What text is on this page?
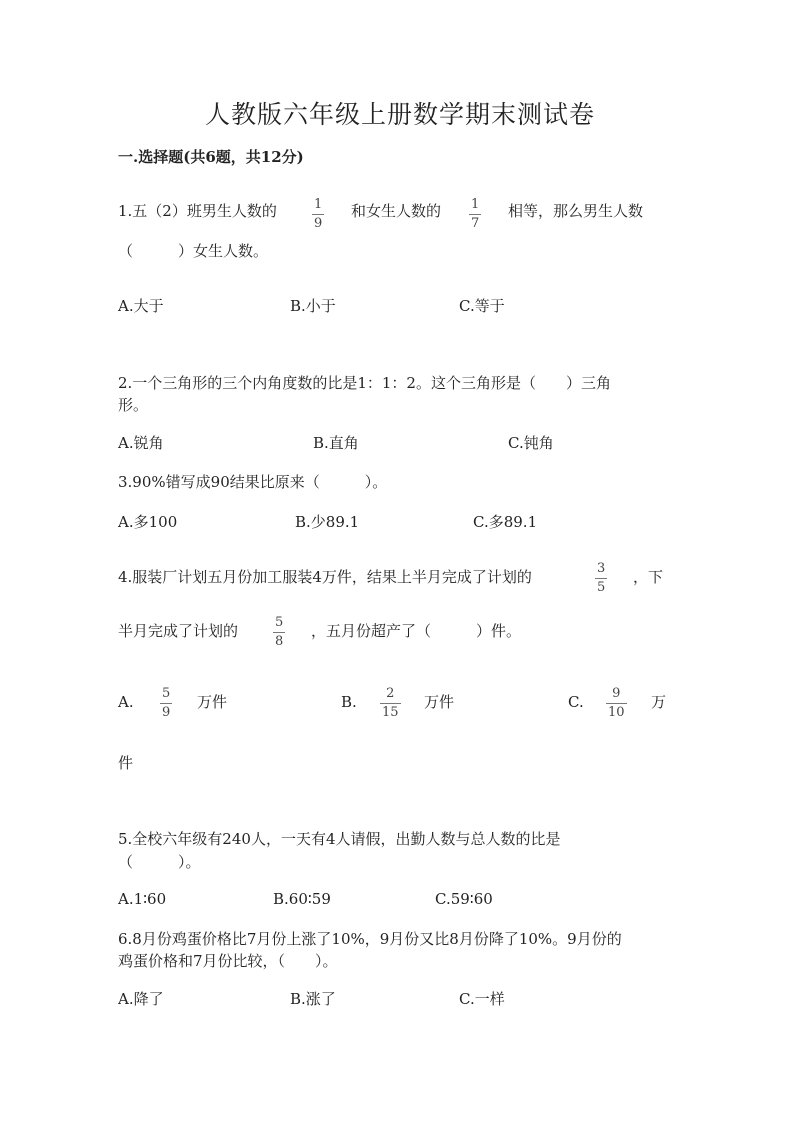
人教版六年级上册数学期末测试卷
一.选择题(共6题，共12分)
1.五（2）班男生人数的	1
9
和女生人数的 1
7
相等，那么男生人数
（　　　）女生人数。
A.大于	B.小于	C.等于
2.一个三角形的三个内角度数的比是1：1：2。这个三角形是（　　）三角
形。
A.锐角	B.直角	C.钝角
3.90%错写成90结果比原来（　　　）。
A.多100	B.少89.1	C.多89.1
4.服装厂计划五月份加工服装4万件，结果上半月完成了计划的	3
5
，下
半月完成了计划的	5
8
，五月份超产了（　　　）件。
A. 5
9
万件	B. 2
15
万件	C. 9
10
万
件
5.全校六年级有240人，一天有4人请假，出勤人数与总人数的比是
（　　　）。
A.1∶60	B.60∶59	C.59∶60
6.8月份鸡蛋价格比7月份上涨了10%，9月份又比8月份降了10%。9月份的
鸡蛋价格和7月份比较，（　　）。
A.降了	B.涨了	C.一样
